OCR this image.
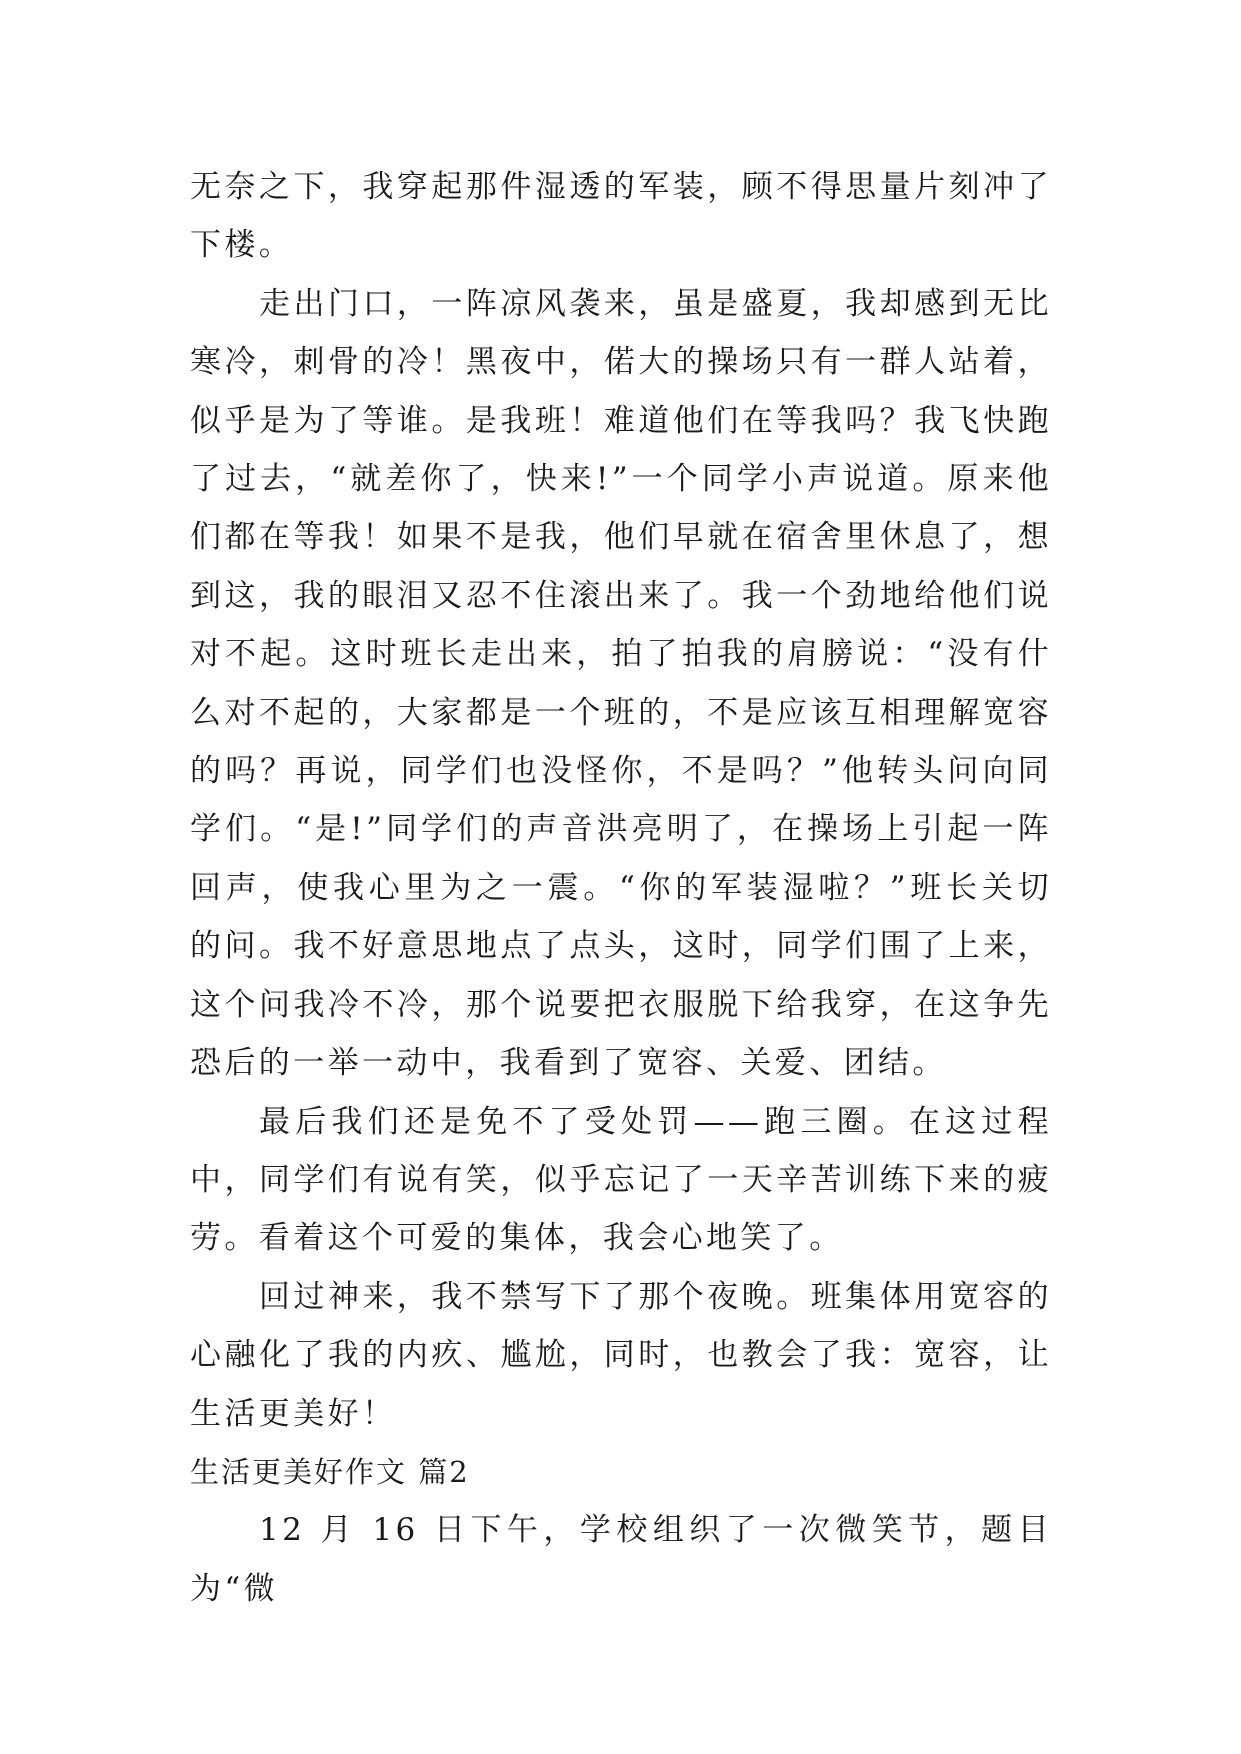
无奈之下，我穿起那件湿透的军装，顾不得思量片刻冲了下楼。

走出门口，一阵凉风袭来，虽是盛夏，我却感到无比寒冷，刺骨的冷！黑夜中，偌大的操场只有一群人站着，似乎是为了等谁。是我班！难道他们在等我吗？我飞快跑了过去，“就差你了，快来!”一个同学小声说道。原来他们都在等我！如果不是我，他们早就在宿舍里休息了，想到这，我的眼泪又忍不住滚出来了。我一个劲地给他们说对不起。这时班长走出来，拍了拍我的肩膀说：“没有什么对不起的，大家都是一个班的，不是应该互相理解宽容的吗？再说，同学们也没怪你，不是吗？”他转头问向同学们。“是!”同学们的声音洪亮明了，在操场上引起一阵回声，使我心里为之一震。“你的军装湿啦？”班长关切的问。我不好意思地点了点头，这时，同学们围了上来，这个问我冷不冷，那个说要把衣服脱下给我穿，在这争先恐后的一举一动中，我看到了宽容、关爱、团结。

最后我们还是免不了受处罚——跑三圈。在这过程中，同学们有说有笑，似乎忘记了一天辛苦训练下来的疲劳。看着这个可爱的集体，我会心地笑了。

回过神来，我不禁写下了那个夜晚。班集体用宽容的心融化了我的内疚、尴尬，同时，也教会了我：宽容，让生活更美好！

生活更美好作文 篇2

12 月 16 日下午，学校组织了一次微笑节，题目为“微
